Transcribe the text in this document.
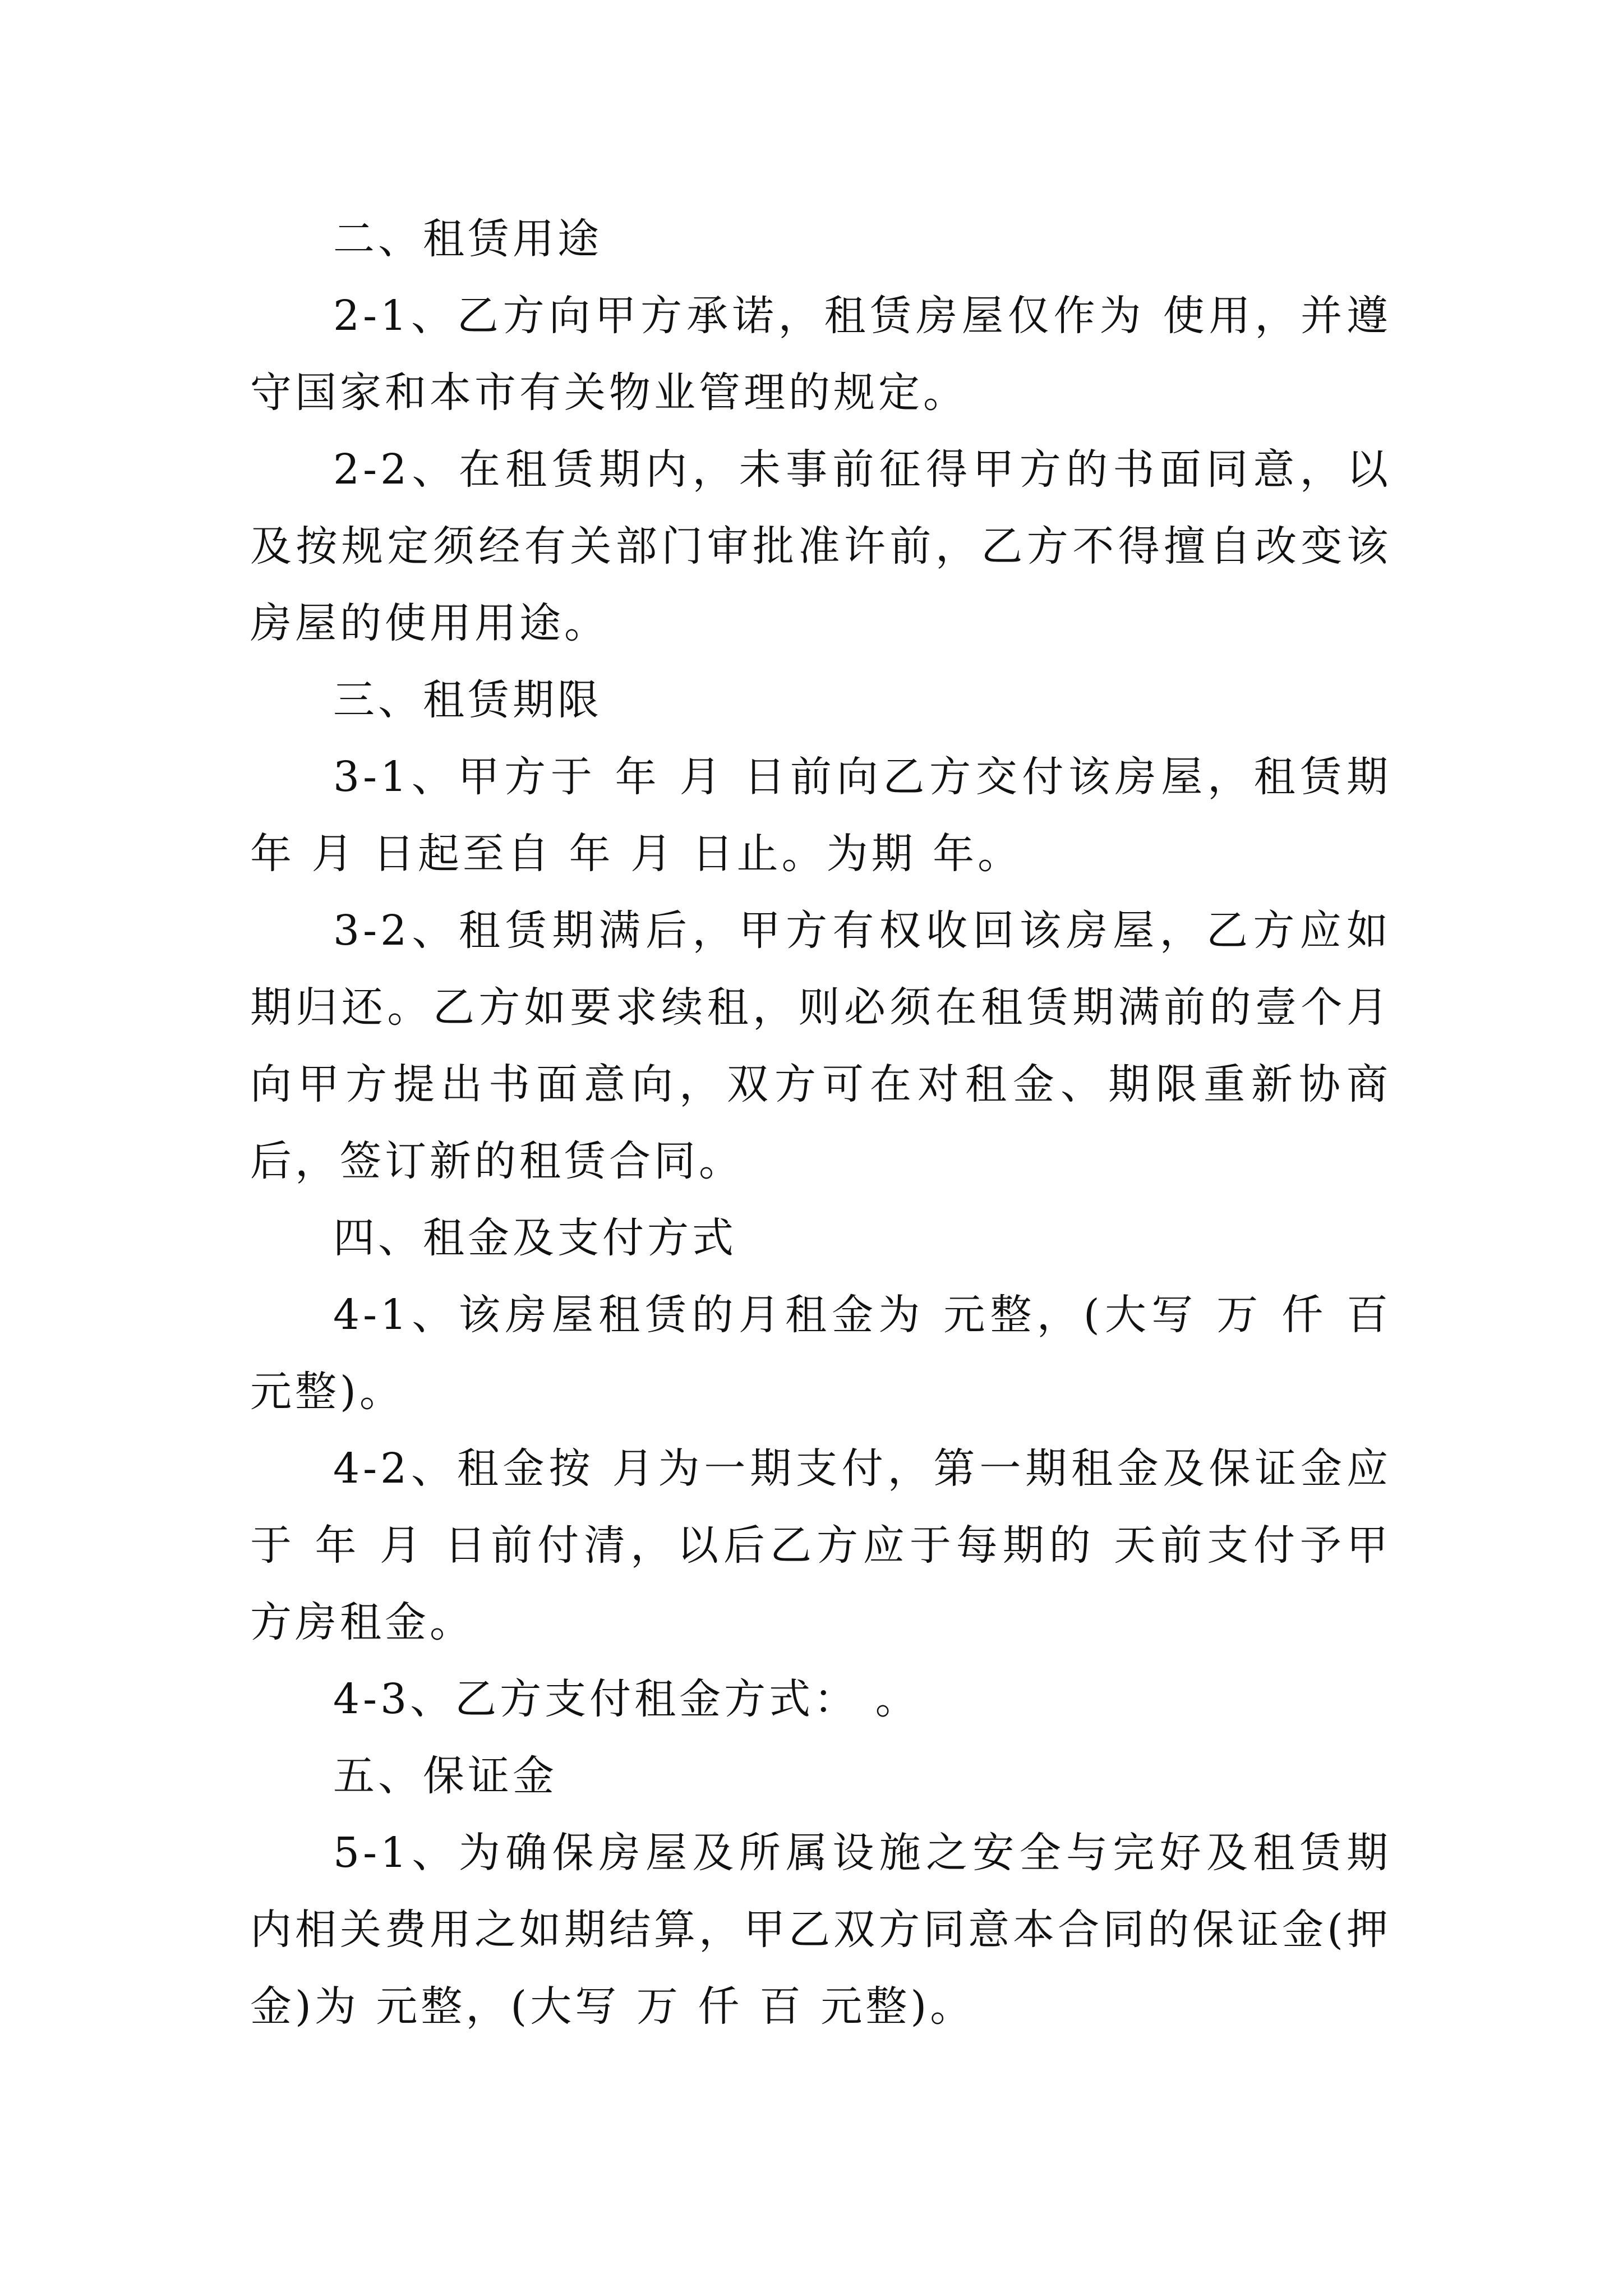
二、租赁用途

2-1、乙方向甲方承诺，租赁房屋仅作为 使用，并遵守国家和本市有关物业管理的规定。

2-2、在租赁期内，未事前征得甲方的书面同意，以及按规定须经有关部门审批准许前，乙方不得擅自改变该房屋的使用用途。

三、租赁期限

3-1、甲方于 年 月 日前向乙方交付该房屋，租赁期 年 月 日起至自 年 月 日止。为期 年。

3-2、租赁期满后，甲方有权收回该房屋，乙方应如期归还。乙方如要求续租，则必须在租赁期满前的壹个月向甲方提出书面意向，双方可在对租金、期限重新协商后，签订新的租赁合同。

四、租金及支付方式

4-1、该房屋租赁的月租金为 元整，(大写 万 仟 百 元整)。

4-2、租金按 月为一期支付，第一期租金及保证金应于 年 月 日前付清，以后乙方应于每期的 天前支付予甲方房租金。

4-3、乙方支付租金方式： 。

五、保证金

5-1、为确保房屋及所属设施之安全与完好及租赁期内相关费用之如期结算，甲乙双方同意本合同的保证金(押金)为 元整，(大写 万 仟 百 元整)。
